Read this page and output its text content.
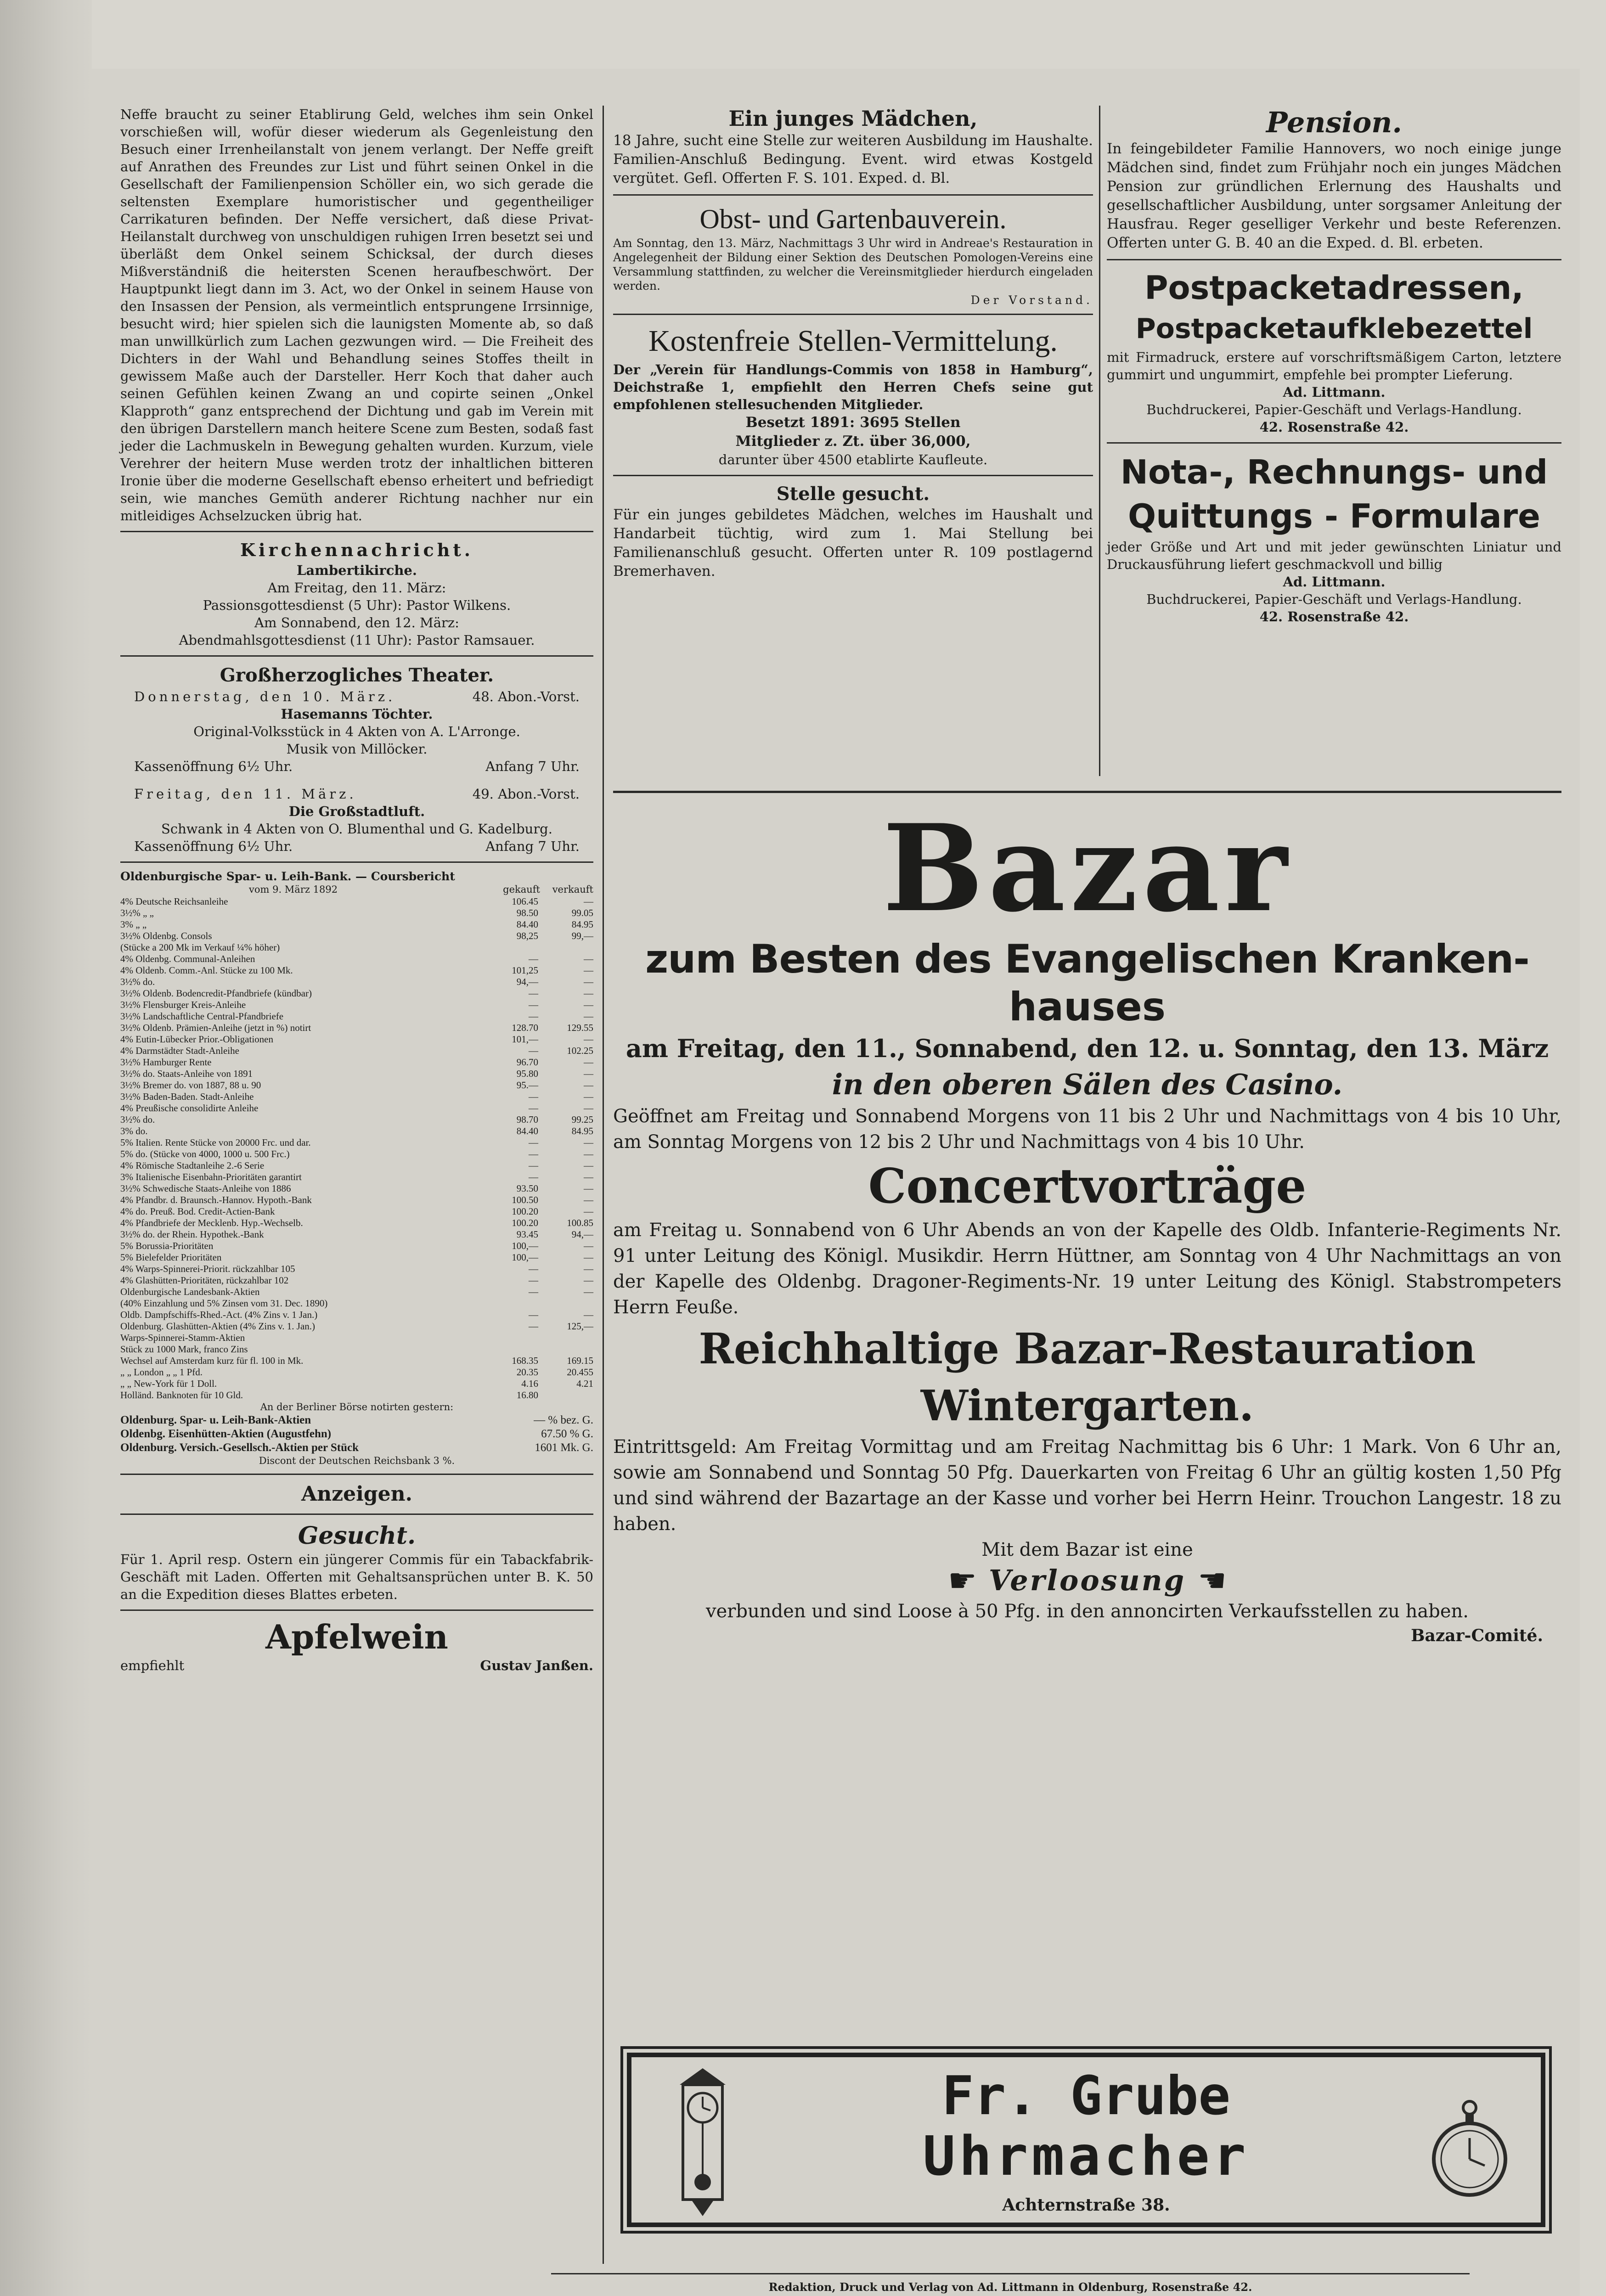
Neffe braucht zu seiner Etablirung Geld, welches ihm sein Onkel vorschießen will, wofür dieser wiederum als Gegenleistung den Besuch einer Irrenheilanstalt von jenem verlangt. Der Neffe greift auf Anrathen des Freundes zur List und führt seinen Onkel in die Gesellschaft der Familienpension Schöller ein, wo sich gerade die seltensten Exemplare humoristischer und gegentheiliger Carrikaturen befinden. Der Neffe versichert, daß diese Privat-Heilanstalt durchweg von unschuldigen ruhigen Irren besetzt sei und überläßt dem Onkel seinem Schicksal, der durch dieses Mißverständniß die heitersten Scenen heraufbeschwört. Der Hauptpunkt liegt dann im 3. Act, wo der Onkel in seinem Hause von den Insassen der Pension, als vermeintlich entsprungene Irrsinnige, besucht wird; hier spielen sich die launigsten Momente ab, so daß man unwillkürlich zum Lachen gezwungen wird. — Die Freiheit des Dichters in der Wahl und Behandlung seines Stoffes theilt in gewissem Maße auch der Darsteller. Herr Koch that daher auch seinen Gefühlen keinen Zwang an und copirte seinen „Onkel Klapproth“ ganz entsprechend der Dichtung und gab im Verein mit den übrigen Darstellern manch heitere Scene zum Besten, sodaß fast jeder die Lachmuskeln in Bewegung gehalten wurden. Kurzum, viele Verehrer der heitern Muse werden trotz der inhaltlichen bitteren Ironie über die moderne Gesellschaft ebenso erheitert und befriedigt sein, wie manches Gemüth anderer Richtung nachher nur ein mitleidiges Achselzucken übrig hat.

Kirchennachricht.

Lambertikirche.

Am Freitag, den 11. März:

Passionsgottesdienst (5 Uhr): Pastor Wilkens.

Am Sonnabend, den 12. März:

Abendmahlsgottesdienst (11 Uhr): Pastor Ramsauer.

Großherzogliches Theater.

Donnerstag, den 10. März.	48. Abon.-Vorst.

Hasemanns Töchter.

Original-Volksstück in 4 Akten von A. L'Arronge.

Musik von Millöcker.

Kassenöffnung 6½ Uhr.	Anfang 7 Uhr.
Freitag, den 11. März.	49. Abon.-Vorst.

Die Großstadtluft.

Schwank in 4 Akten von O. Blumenthal und G. Kadelburg.

Kassenöffnung 6½ Uhr.	Anfang 7 Uhr.

Oldenburgische Spar- u. Leih-Bank. — Coursbericht

vom 9. März 1892	gekauft verkauft
4% Deutsche Reichsanleihe	106.45	—
3½% „ „	98.50	99.05
3% „ „	84.40	84.95
3½% Oldenbg. Consols	98,25	99,—
(Stücke a 200 Mk im Verkauf ¼% höher)		
4% Oldenbg. Communal-Anleihen	—	—
4% Oldenb. Comm.-Anl. Stücke zu 100 Mk.	101,25	—
3½% do.	94,—	—
3½% Oldenb. Bodencredit-Pfandbriefe (kündbar)	—	—
3½% Flensburger Kreis-Anleihe	—	—
3½% Landschaftliche Central-Pfandbriefe	—	—
3½% Oldenb. Prämien-Anleihe (jetzt in %) notirt	128.70	129.55
4% Eutin-Lübecker Prior.-Obligationen	101,—	—
4% Darmstädter Stadt-Anleihe	—	102.25
3½% Hamburger Rente	96.70	—
3½% do. Staats-Anleihe von 1891	95.80	—
3½% Bremer do. von 1887, 88 u. 90	95.—	—
3½% Baden-Baden. Stadt-Anleihe	—	—
4% Preußische consolidirte Anleihe	—	—
3½% do.	98.70	99.25
3% do.	84.40	84.95
5% Italien. Rente Stücke von 20000 Frc. und dar.	—	—
5% do. (Stücke von 4000, 1000 u. 500 Frc.)	—	—
4% Römische Stadtanleihe 2.-6 Serie	—	—
3% Italienische Eisenbahn-Prioritäten garantirt	—	—
3½% Schwedische Staats-Anleihe von 1886	93.50	—
4% Pfandbr. d. Braunsch.-Hannov. Hypoth.-Bank	100.50	—
4% do. Preuß. Bod. Credit-Actien-Bank	100.20	—
4% Pfandbriefe der Mecklenb. Hyp.-Wechselb.	100.20	100.85
3½% do. der Rhein. Hypothek.-Bank	93.45	94,—
5% Borussia-Prioritäten	100,—	—
5% Bielefelder Prioritäten	100,—	—
4% Warps-Spinnerei-Priorit. rückzahlbar 105	—	—
4% Glashütten-Prioritäten, rückzahlbar 102	—	—
Oldenburgische Landesbank-Aktien	—	—
(40% Einzahlung und 5% Zinsen vom 31. Dec. 1890)		
Oldb. Dampfschiffs-Rhed.-Act. (4% Zins v. 1 Jan.)	—	—
Oldenburg. Glashütten-Aktien (4% Zins v. 1. Jan.)	—	125,—
Warps-Spinnerei-Stamm-Aktien		
Stück zu 1000 Mark, franco Zins		
Wechsel auf Amsterdam kurz für fl. 100 in Mk.	168.35	169.15
„ „ London „ „ 1 Pfd.	20.35	20.455
„ „ New-York für 1 Doll.	4.16	4.21
Holländ. Banknoten für 10 Gld.	16.80	

An der Berliner Börse notirten gestern:

Oldenburg. Spar- u. Leih-Bank-Aktien	— % bez. G.
Oldenbg. Eisenhütten-Aktien (Augustfehn)	67.50 % G.
Oldenburg. Versich.-Gesellsch.-Aktien per Stück	1601 Mk. G.

Discont der Deutschen Reichsbank 3 %.

Anzeigen.

Gesucht.

Für 1. April resp. Ostern ein jüngerer Commis für ein Tabackfabrik-Geschäft mit Laden. Offerten mit Gehaltsansprüchen unter B. K. 50 an die Expedition dieses Blattes erbeten.

Apfelwein

empfiehlt	Gustav Janßen.

Ein junges Mädchen,

18 Jahre, sucht eine Stelle zur weiteren Ausbildung im Haushalte. Familien-Anschluß Bedingung. Event. wird etwas Kostgeld vergütet. Gefl. Offerten F. S. 101. Exped. d. Bl.

Obst- und Gartenbauverein.

Am Sonntag, den 13. März, Nachmittags 3 Uhr wird in Andreae's Restauration in Angelegenheit der Bildung einer Sektion des Deutschen Pomologen-Vereins eine Versammlung stattfinden, zu welcher die Vereinsmitglieder hierdurch eingeladen werden.

Der Vorstand.

Kostenfreie Stellen-Vermittelung.

Der „Verein für Handlungs-Commis von 1858 in Hamburg“, Deichstraße 1, empfiehlt den Herren Chefs seine gut empfohlenen stellesuchenden Mitglieder.

Besetzt 1891: 3695 Stellen

Mitglieder z. Zt. über 36,000,

darunter über 4500 etablirte Kaufleute.

Stelle gesucht.

Für ein junges gebildetes Mädchen, welches im Haushalt und Handarbeit tüchtig, wird zum 1. Mai Stellung bei Familienanschluß gesucht. Offerten unter R. 109 postlagernd Bremerhaven.

Pension.

In feingebildeter Familie Hannovers, wo noch einige junge Mädchen sind, findet zum Frühjahr noch ein junges Mädchen Pension zur gründlichen Erlernung des Haushalts und gesellschaftlicher Ausbildung, unter sorgsamer Anleitung der Hausfrau. Reger geselliger Verkehr und beste Referenzen. Offerten unter G. B. 40 an die Exped. d. Bl. erbeten.

Postpacketadressen,

Postpacketaufklebezettel

mit Firmadruck, erstere auf vorschriftsmäßigem Carton, letztere gummirt und ungummirt, empfehle bei prompter Lieferung.

Ad. Littmann.

Buchdruckerei, Papier-Geschäft und Verlags-Handlung.

42. Rosenstraße 42.

Nota-, Rechnungs- und

Quittungs - Formulare

jeder Größe und Art und mit jeder gewünschten Liniatur und Druckausführung liefert geschmackvoll und billig

Ad. Littmann.

Buchdruckerei, Papier-Geschäft und Verlags-Handlung.

42. Rosenstraße 42.

Bazar

zum Besten des Evangelischen Kranken-

hauses

am Freitag, den 11., Sonnabend, den 12. u. Sonntag, den 13. März

in den oberen Sälen des Casino.

Geöffnet am Freitag und Sonnabend Morgens von 11 bis 2 Uhr und Nachmittags von 4 bis 10 Uhr, am Sonntag Morgens von 12 bis 2 Uhr und Nachmittags von 4 bis 10 Uhr.

Concertvorträge

am Freitag u. Sonnabend von 6 Uhr Abends an von der Kapelle des Oldb. Infanterie-Regiments Nr. 91 unter Leitung des Königl. Musikdir. Herrn Hüttner, am Sonntag von 4 Uhr Nachmittags an von der Kapelle des Oldenbg. Dragoner-Regiments-Nr. 19 unter Leitung des Königl. Stabstrompeters Herrn Feuße.

Reichhaltige Bazar-Restauration

Wintergarten.

Eintrittsgeld: Am Freitag Vormittag und am Freitag Nachmittag bis 6 Uhr: 1 Mark. Von 6 Uhr an, sowie am Sonnabend und Sonntag 50 Pfg. Dauerkarten von Freitag 6 Uhr an gültig kosten 1,50 Pfg und sind während der Bazartage an der Kasse und vorher bei Herrn Heinr. Trouchon Langestr. 18 zu haben.

Mit dem Bazar ist eine

☛ Verloosung ☚

verbunden und sind Loose à 50 Pfg. in den annoncirten Verkaufsstellen zu haben.

Bazar-Comité.

Fr. Grube

Uhrmacher

Achternstraße 38.

Redaktion, Druck und Verlag von Ad. Littmann in Oldenburg, Rosenstraße 42.
